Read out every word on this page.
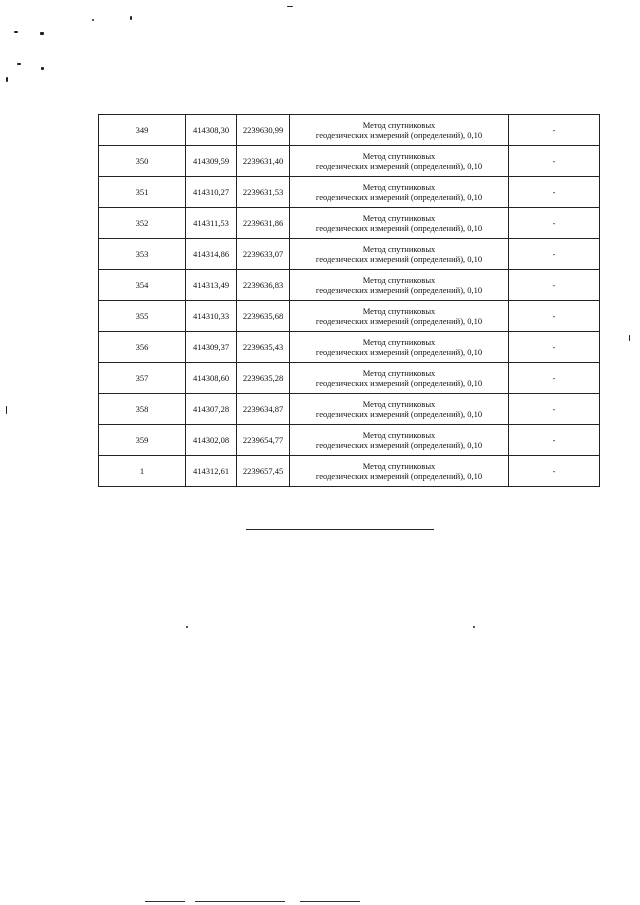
349	414308,30	2239630,99	Метод спутниковых
геодезических измерений (определений), 0,10	-
350	414309,59	2239631,40	Метод спутниковых
геодезических измерений (определений), 0,10	-
351	414310,27	2239631,53	Метод спутниковых
геодезических измерений (определений), 0,10	-
352	414311,53	2239631,86	Метод спутниковых
геодезических измерений (определений), 0,10	-
353	414314,86	2239633,07	Метод спутниковых
геодезических измерений (определений), 0,10	-
354	414313,49	2239636,83	Метод спутниковых
геодезических измерений (определений), 0,10	-
355	414310,33	2239635,68	Метод спутниковых
геодезических измерений (определений), 0,10	-
356	414309,37	2239635,43	Метод спутниковых
геодезических измерений (определений), 0,10	-
357	414308,60	2239635,28	Метод спутниковых
геодезических измерений (определений), 0,10	-
358	414307,28	2239634,87	Метод спутниковых
геодезических измерений (определений), 0,10	-
359	414302,08	2239654,77	Метод спутниковых
геодезических измерений (определений), 0,10	-
1	414312,61	2239657,45	Метод спутниковых
геодезических измерений (определений), 0,10	-
